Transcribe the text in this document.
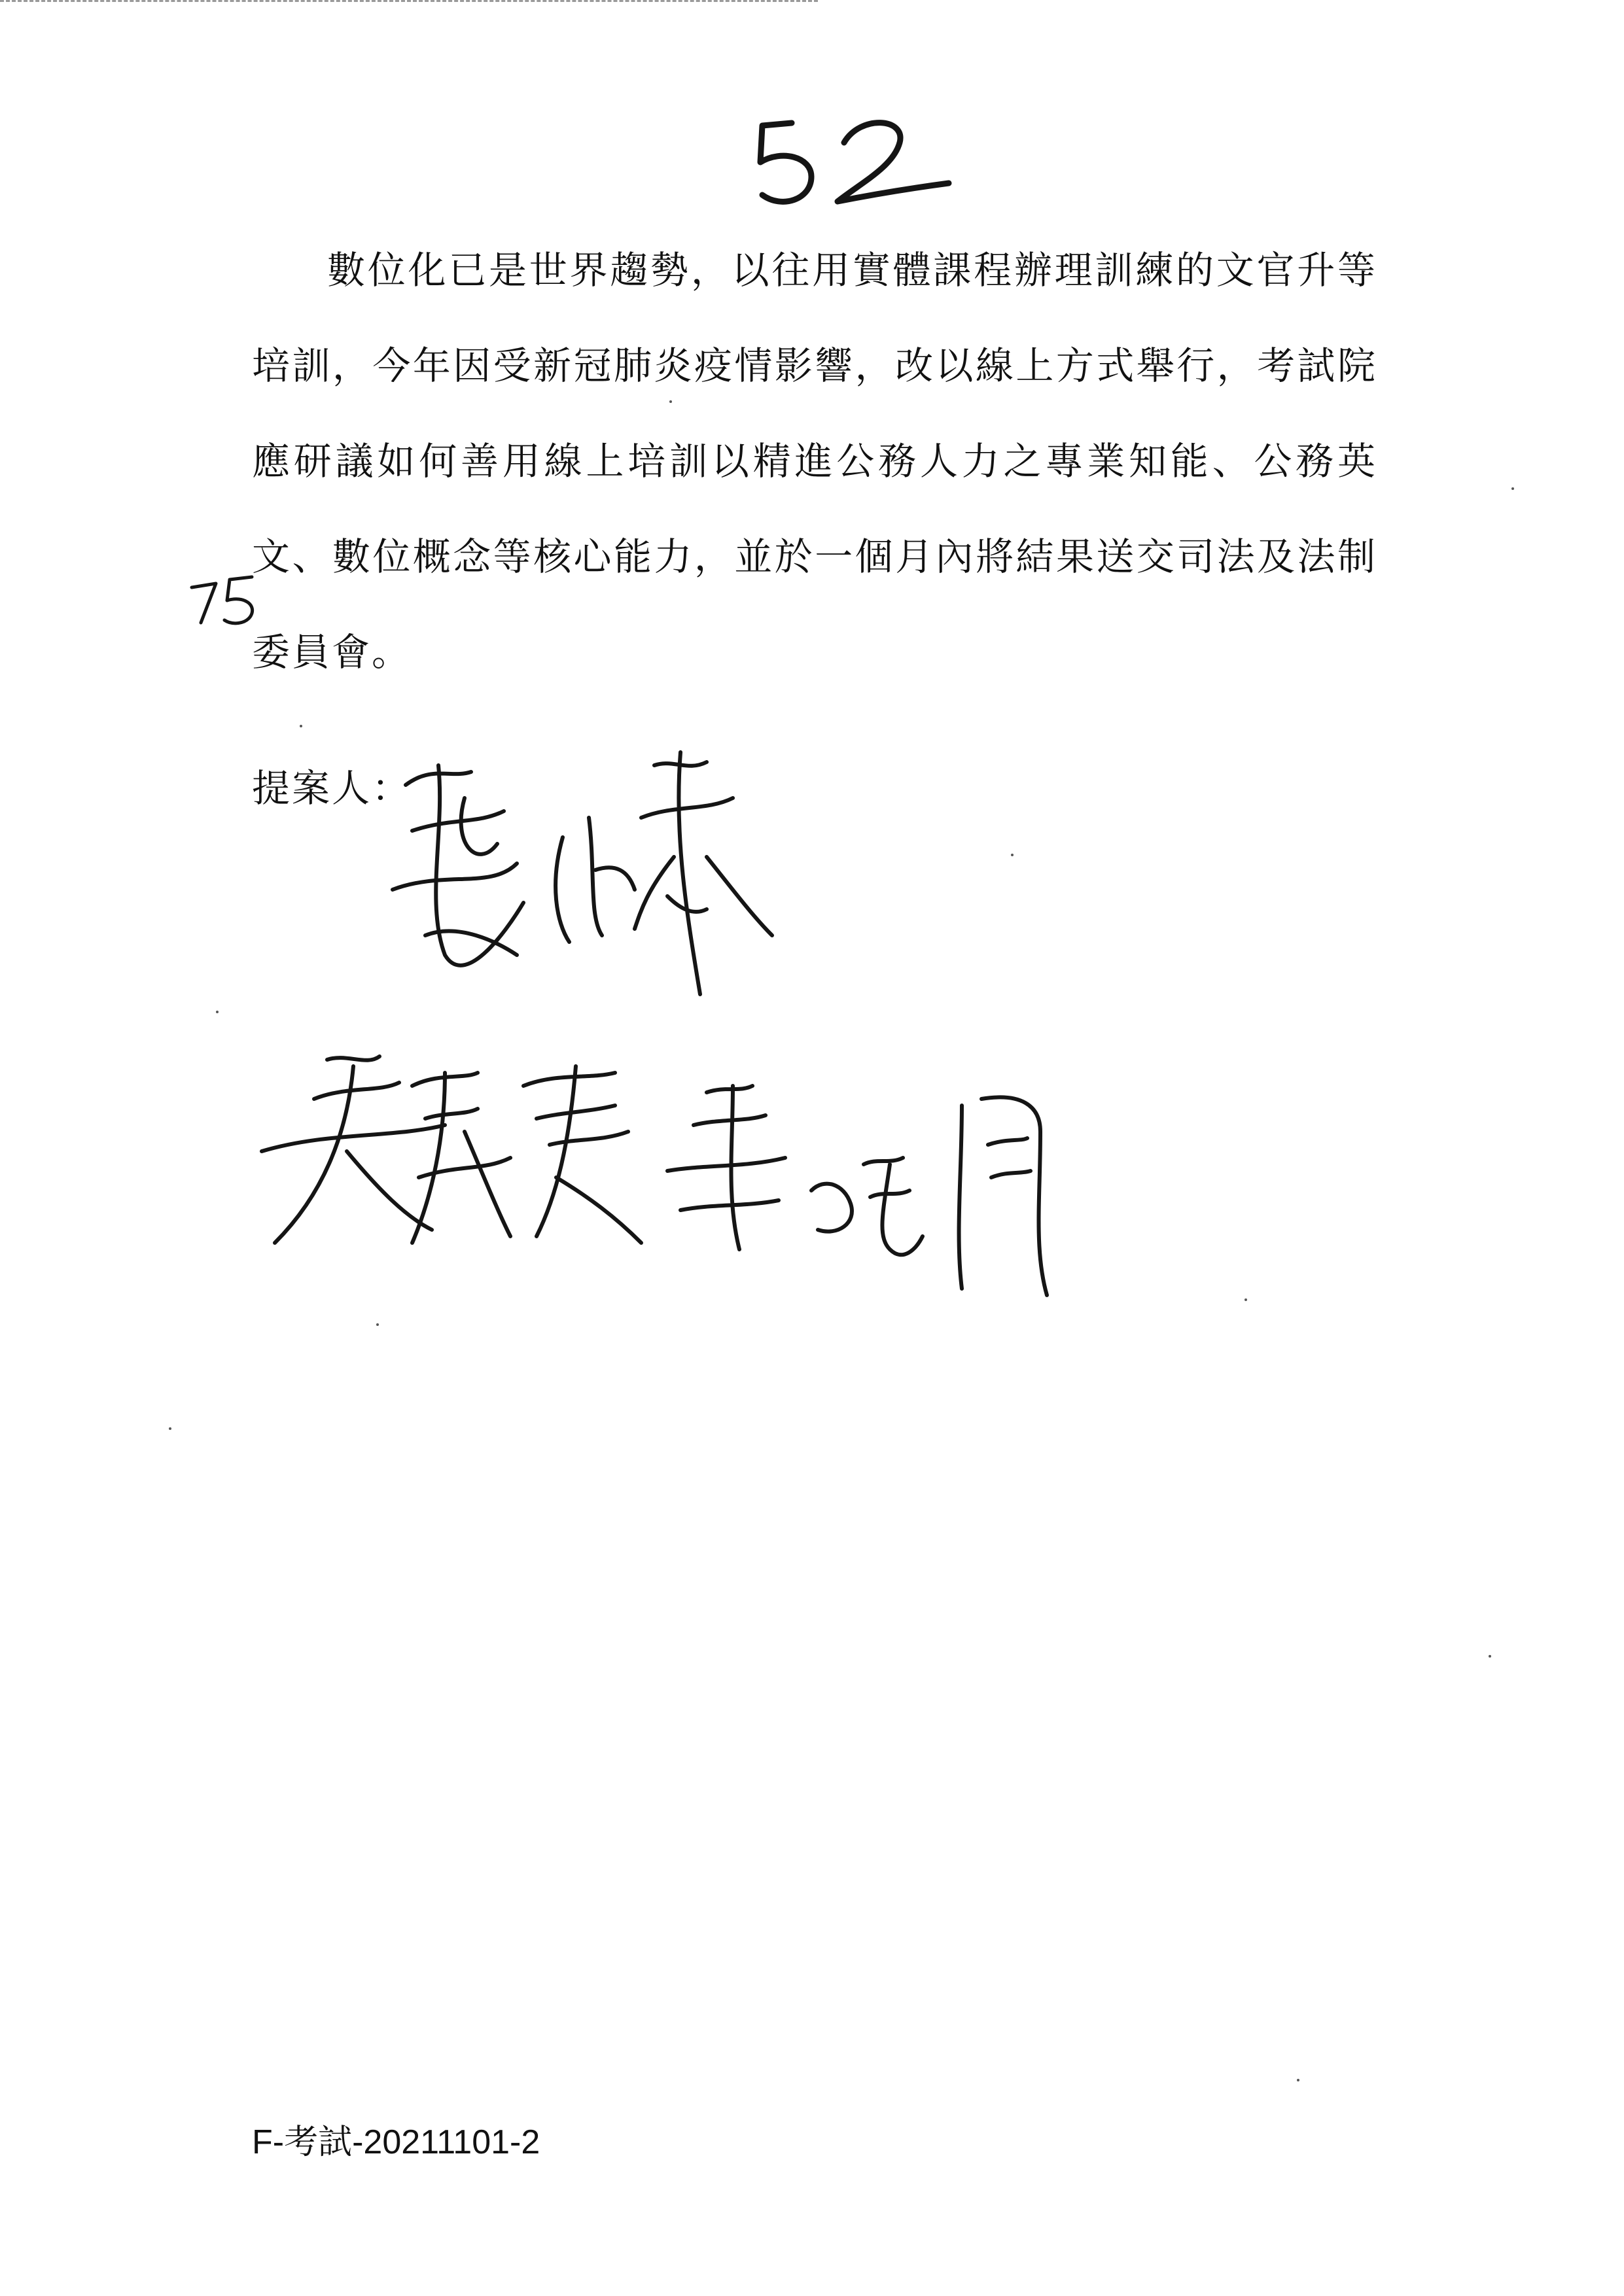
數位化已是世界趨勢，以往用實體課程辦理訓練的文官升等培訓，今年因受新冠肺炎疫情影響，改以線上方式舉行，考試院應研議如何善用線上培訓以精進公務人力之專業知能、公務英文、數位概念等核心能力，並於一個月內將結果送交司法及法制委員會。

提案人：
F-考試-20211101-2
